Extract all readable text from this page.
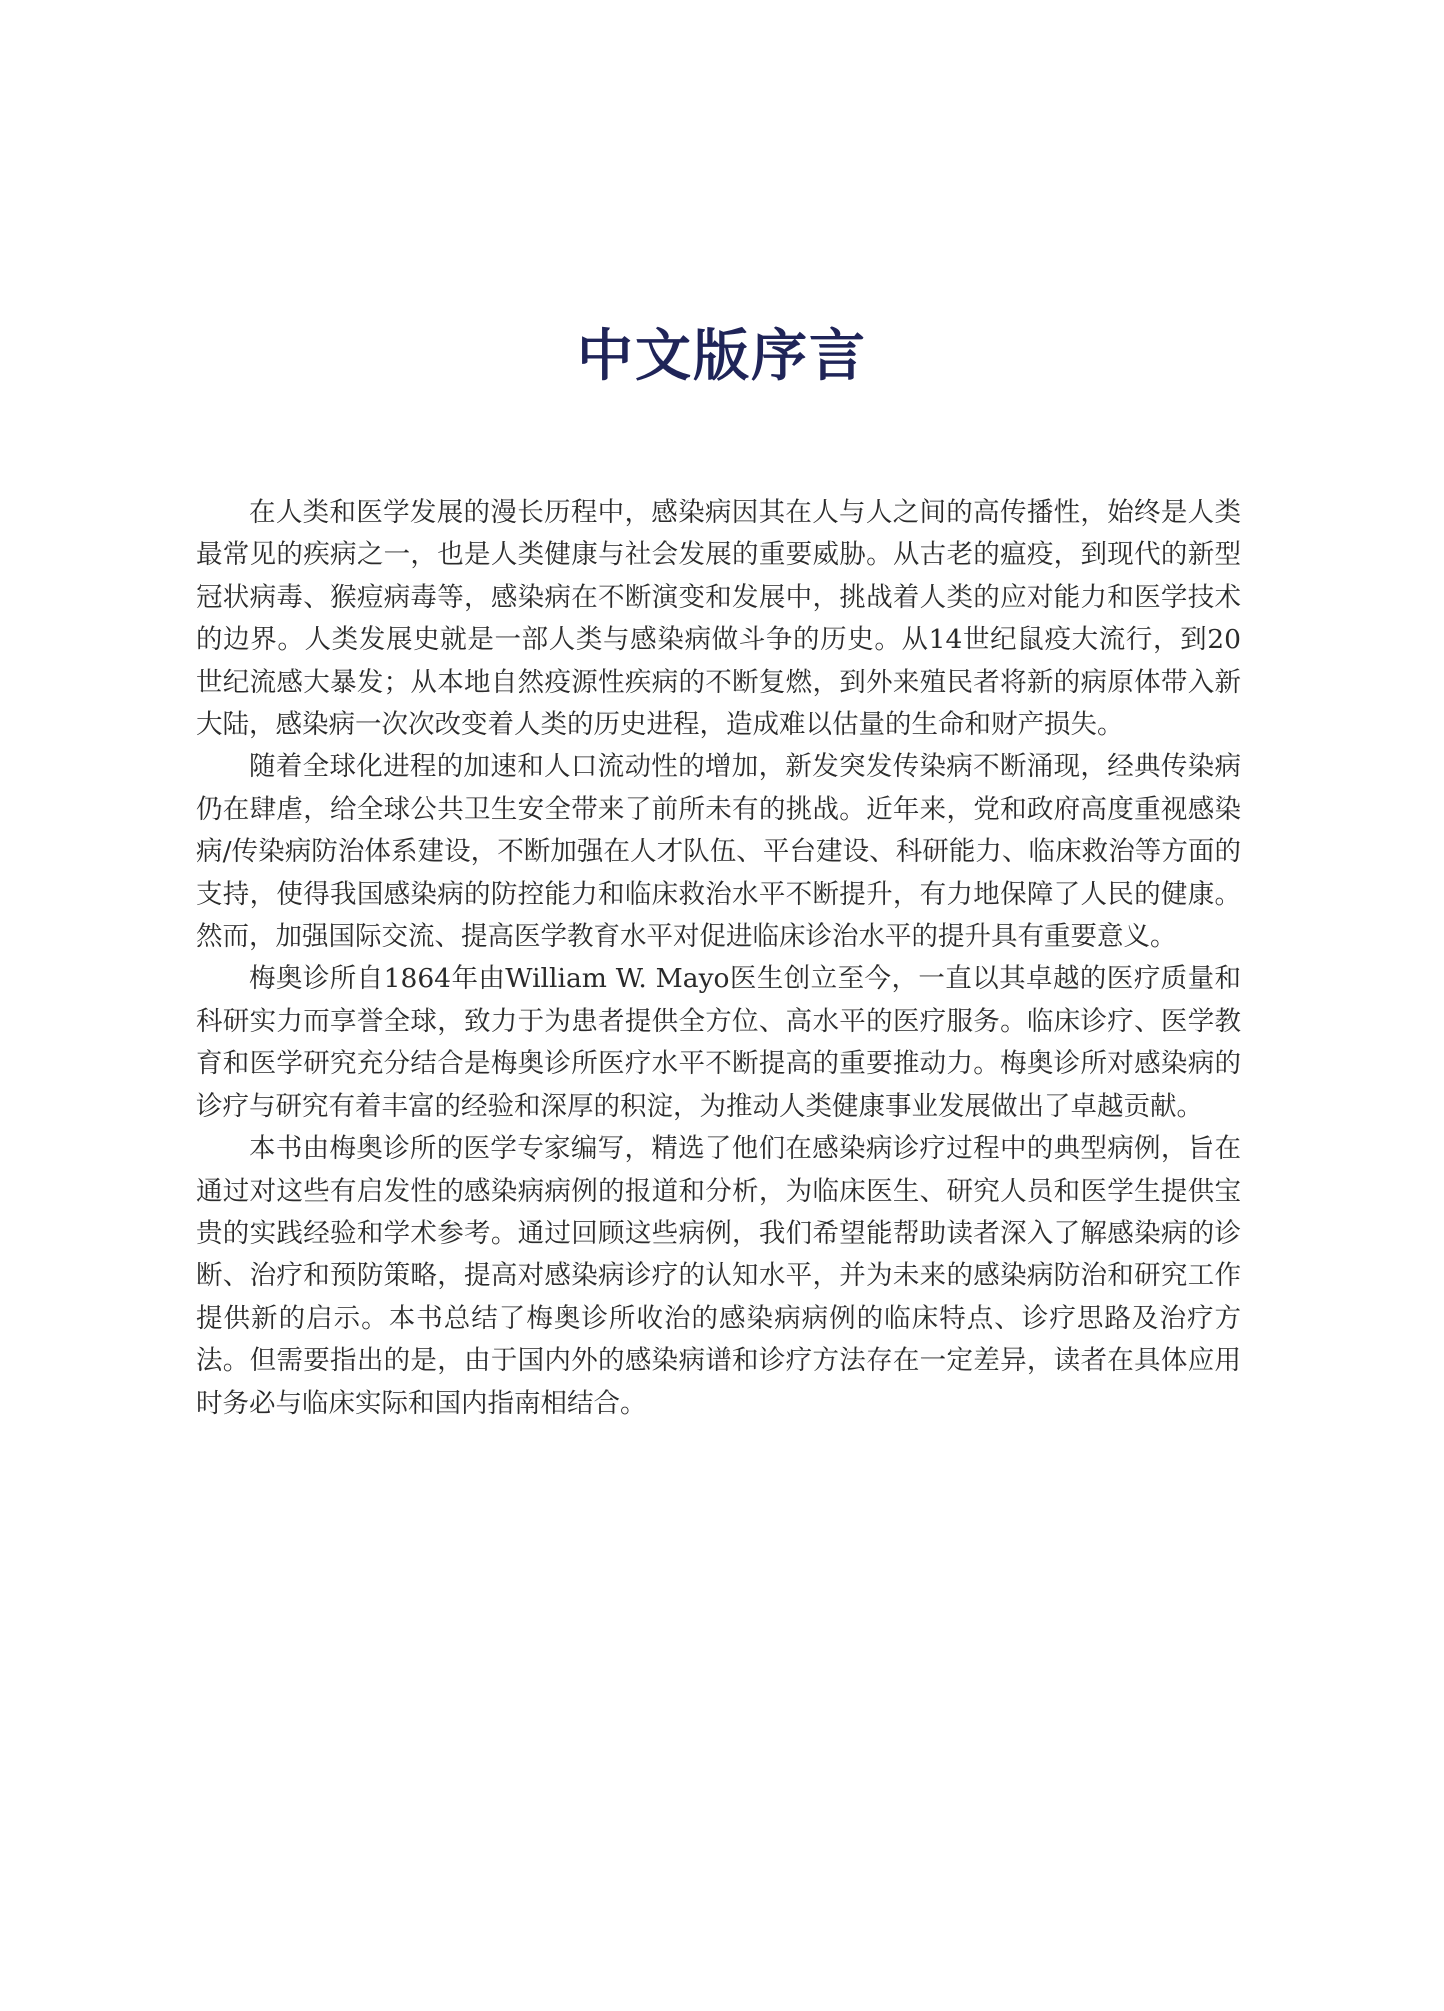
中文版序言

在人类和医学发展的漫长历程中，感染病因其在人与人之间的高传播性，始终是人类最常见的疾病之一，也是人类健康与社会发展的重要威胁。从古老的瘟疫，到现代的新型冠状病毒、猴痘病毒等，感染病在不断演变和发展中，挑战着人类的应对能力和医学技术的边界。人类发展史就是一部人类与感染病做斗争的历史。从14世纪鼠疫大流行，到20世纪流感大暴发；从本地自然疫源性疾病的不断复燃，到外来殖民者将新的病原体带入新大陆，感染病一次次改变着人类的历史进程，造成难以估量的生命和财产损失。

随着全球化进程的加速和人口流动性的增加，新发突发传染病不断涌现，经典传染病仍在肆虐，给全球公共卫生安全带来了前所未有的挑战。近年来，党和政府高度重视感染病/传染病防治体系建设，不断加强在人才队伍、平台建设、科研能力、临床救治等方面的支持，使得我国感染病的防控能力和临床救治水平不断提升，有力地保障了人民的健康。然而，加强国际交流、提高医学教育水平对促进临床诊治水平的提升具有重要意义。

梅奥诊所自1864年由William W. Mayo医生创立至今，一直以其卓越的医疗质量和科研实力而享誉全球，致力于为患者提供全方位、高水平的医疗服务。临床诊疗、医学教育和医学研究充分结合是梅奥诊所医疗水平不断提高的重要推动力。梅奥诊所对感染病的诊疗与研究有着丰富的经验和深厚的积淀，为推动人类健康事业发展做出了卓越贡献。

本书由梅奥诊所的医学专家编写，精选了他们在感染病诊疗过程中的典型病例，旨在通过对这些有启发性的感染病病例的报道和分析，为临床医生、研究人员和医学生提供宝贵的实践经验和学术参考。通过回顾这些病例，我们希望能帮助读者深入了解感染病的诊断、治疗和预防策略，提高对感染病诊疗的认知水平，并为未来的感染病防治和研究工作提供新的启示。本书总结了梅奥诊所收治的感染病病例的临床特点、诊疗思路及治疗方法。但需要指出的是，由于国内外的感染病谱和诊疗方法存在一定差异，读者在具体应用时务必与临床实际和国内指南相结合。
